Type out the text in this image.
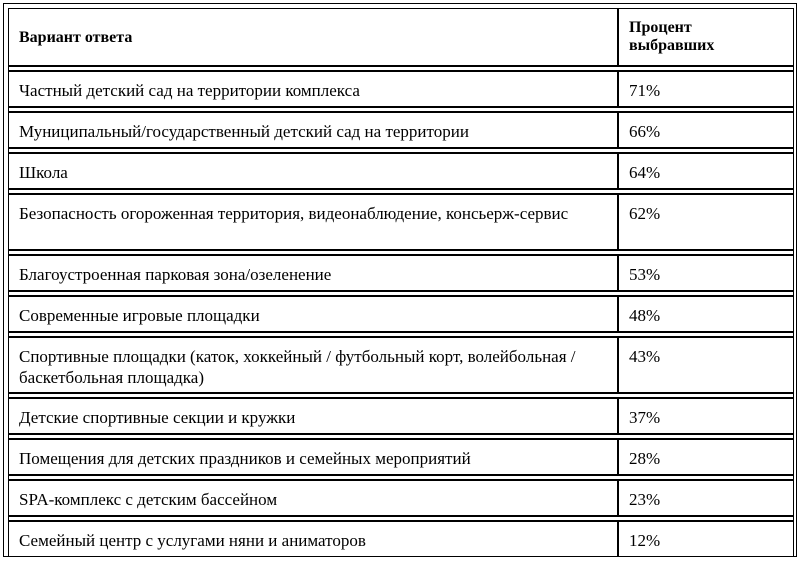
Вариант ответа	Процент
выбравших

Частный детский сад на территории комплекса	71%

Муниципальный/государственный детский сад на территории	66%

Школа	64%

Безопасность огороженная территория, видеонаблюдение, консьерж-сервис	62%

Благоустроенная парковая зона/озеленение	53%

Современные игровые площадки	48%

Спортивные площадки (каток, хоккейный / футбольный корт, волейбольная / баскетбольная площадка)	43%

Детские спортивные секции и кружки	37%

Помещения для детских праздников и семейных мероприятий	28%

SPA-комплекс с детским бассейном	23%

Семейный центр с услугами няни и аниматоров	12%
